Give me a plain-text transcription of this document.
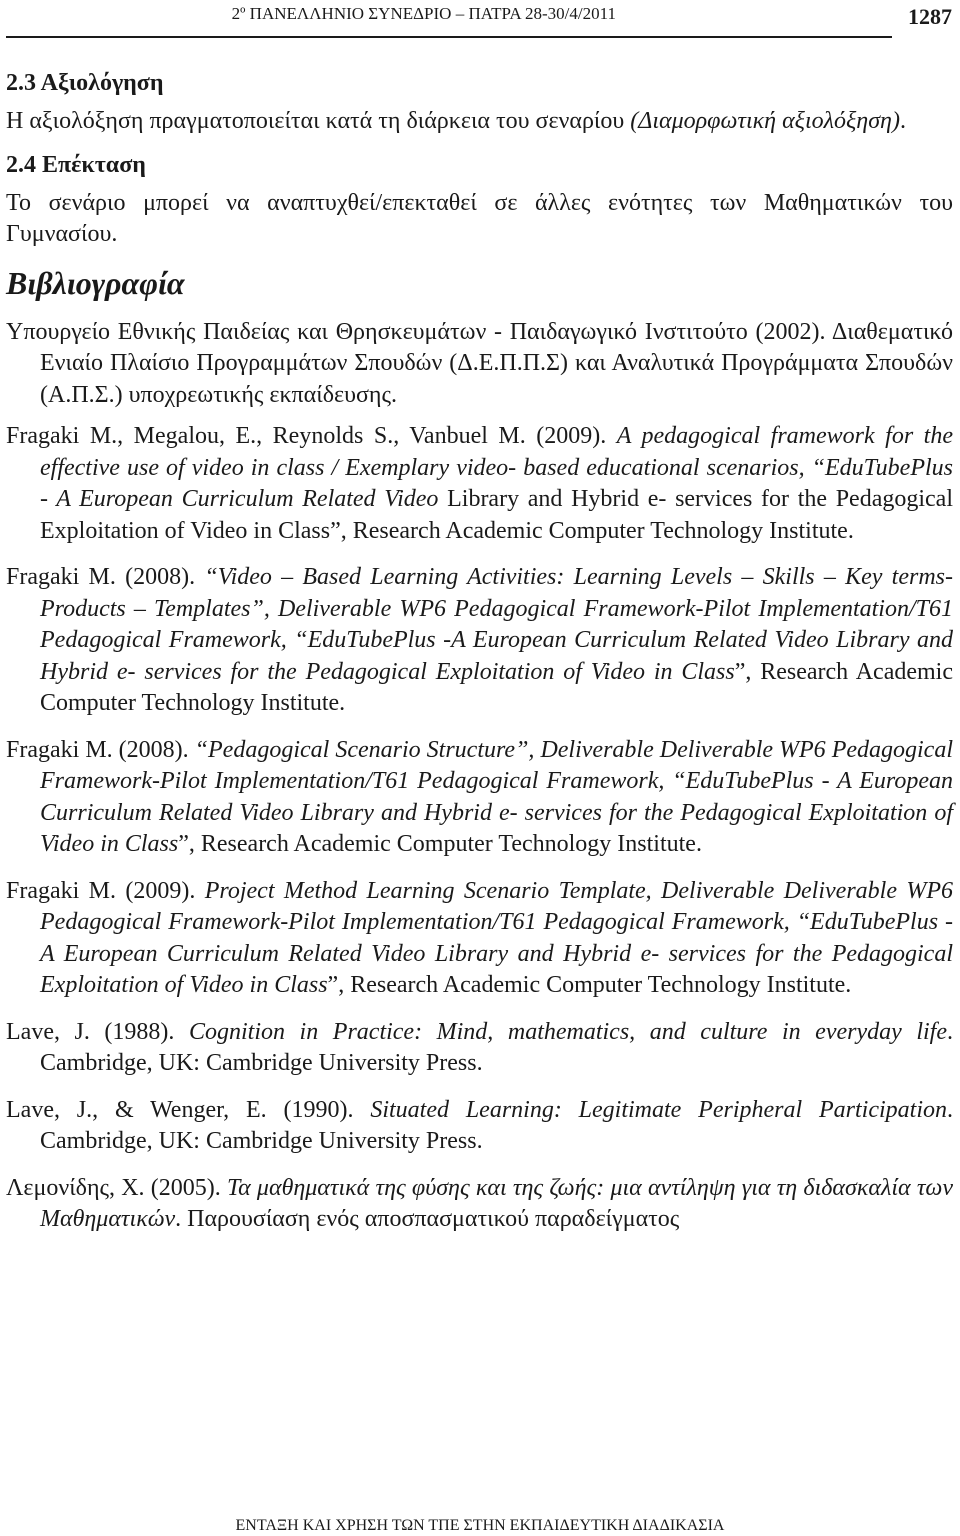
2º ΠΑΝΕΛΛΗΝΙΟ ΣΥΝΕΔΡΙΟ – ΠΑΤΡΑ 28-30/4/2011	1287
2.3 Αξιολόγηση

Η αξιολόξηση πραγματοποιείται κατά τη διάρκεια του σεναρίου (Διαμορφωτική αξιολόξηση).

2.4 Επέκταση

Το σενάριο μπορεί να αναπτυχθεί/επεκταθεί σε άλλες ενότητες των Μαθηματικών του Γυμνασίου.

Βιβλιογραφία

Υπουργείο Εθνικής Παιδείας και Θρησκευμάτων - Παιδαγωγικό Ινστιτούτο (2002). Διαθεματικό Ενιαίο Πλαίσιο Προγραμμάτων Σπουδών (Δ.Ε.Π.Π.Σ) και Αναλυτικά Προγράμματα Σπουδών (Α.Π.Σ.) υποχρεωτικής εκπαίδευσης.

Fragaki M., Megalou, E., Reynolds S., Vanbuel M. (2009). A pedagogical framework for the effective use of video in class / Exemplary video- based educational scenarios, “EduTubePlus - A European Curriculum Related Video Library and Hybrid e- services for the Pedagogical Exploitation of Video in Class”, Research Academic Computer Technology Institute.

Fragaki M. (2008). “Video – Based Learning Activities: Learning Levels – Skills – Key terms- Products – Templates”, Deliverable WP6 Pedagogical Framework-Pilot Implementation/T61 Pedagogical Framework, “EduTubePlus -A European Curriculum Related Video Library and Hybrid e- services for the Pedagogical Exploitation of Video in Class”, Research Academic Computer Technology Institute.

Fragaki M. (2008). “Pedagogical Scenario Structure”, Deliverable Deliverable WP6 Pedagogical Framework-Pilot Implementation/T61 Pedagogical Framework, “EduTubePlus - A European Curriculum Related Video Library and Hybrid e- services for the Pedagogical Exploitation of Video in Class”, Research Academic Computer Technology Institute.

Fragaki M. (2009). Project Method Learning Scenario Template, Deliverable Deliverable WP6 Pedagogical Framework-Pilot Implementation/T61 Pedagogical Framework, “EduTubePlus -A European Curriculum Related Video Library and Hybrid e- services for the Pedagogical Exploitation of Video in Class”, Research Academic Computer Technology Institute.

Lave, J. (1988). Cognition in Practice: Mind, mathematics, and culture in everyday life. Cambridge, UK: Cambridge University Press.

Lave, J., & Wenger, E. (1990). Situated Learning: Legitimate Peripheral Participation. Cambridge, UK: Cambridge University Press.

Λεμονίδης, Χ. (2005). Τα μαθηματικά της φύσης και της ζωής: μια αντίληψη για τη διδασκαλία των Μαθηματικών. Παρουσίαση ενός αποσπασματικού παραδείγματος

ΕΝΤΑΞΗ ΚΑΙ ΧΡΗΣΗ ΤΩΝ ΤΠΕ ΣΤΗΝ ΕΚΠΑΙΔΕΥΤΙΚΗ ΔΙΑΔΙΚΑΣΙΑ
